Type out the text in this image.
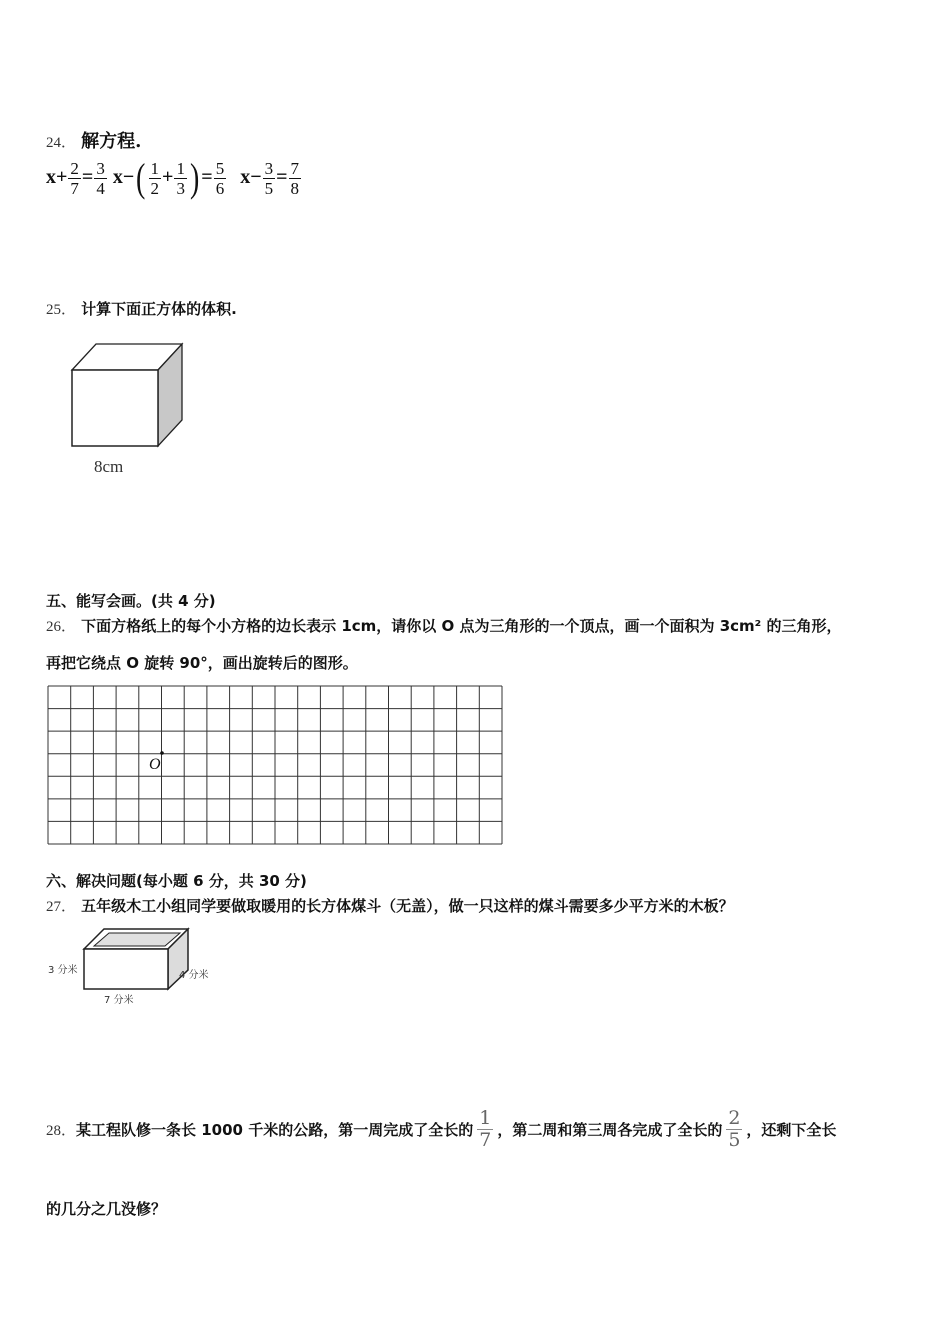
24． 解方程.
$x+ \frac{2}{7} = \frac{3}{4} x-( \frac{1}{2} + \frac{1}{3}$ )= $\frac{5}{6} x- \frac{3}{5} = \frac{7}{8}$
25． 计算下面正方体的体积.
8cm
五、能写会画。(共 4 分)
26． 下面方格纸上的每个小方格的边长表示 1cm，请你以 O 点为三角形的一个顶点，画一个面积为 3cm² 的三角形，
再把它绕点 O 旋转 90°，画出旋转后的图形。
O
六、解决问题(每小题 6 分，共 30 分)
27． 五年级木工小组同学要做取暖用的长方体煤斗（无盖），做一只这样的煤斗需要多少平方米的木板？
3 分米	4 分米
7 分米
28．某工程队修一条长 1000 千米的公路，第一周完成了全长的 $\frac{1}{7}$ ，第二周和第三周各完成了全长的 $\frac{2}{5}$ ，还剩下全长
的几分之几没修？
